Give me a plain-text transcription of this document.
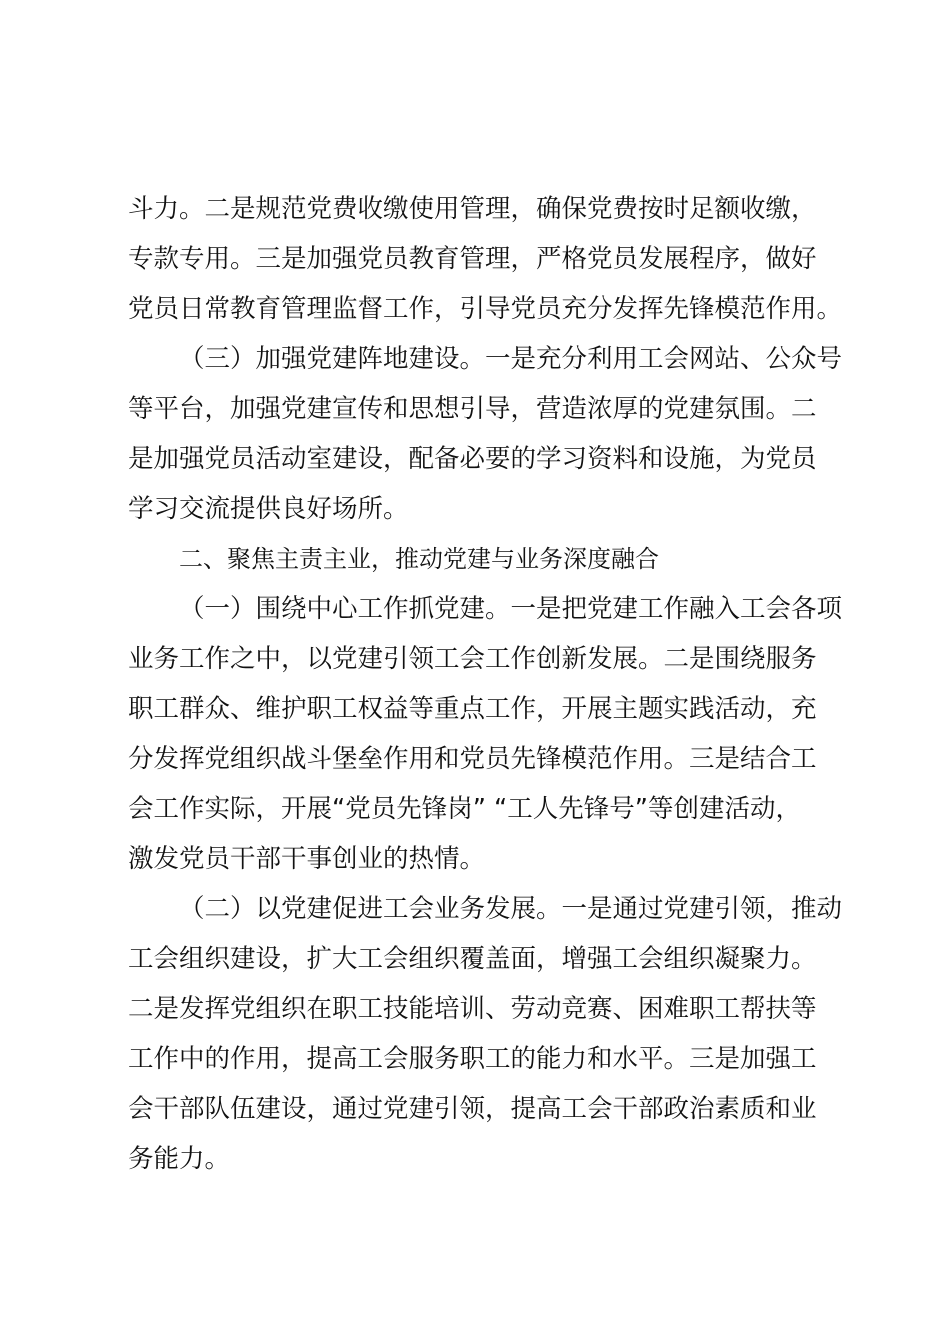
斗力。二是规范党费收缴使用管理，确保党费按时足额收缴，
专款专用。三是加强党员教育管理，严格党员发展程序，做好
党员日常教育管理监督工作，引导党员充分发挥先锋模范作用。
（三）加强党建阵地建设。一是充分利用工会网站、公众号
等平台，加强党建宣传和思想引导，营造浓厚的党建氛围。二
是加强党员活动室建设，配备必要的学习资料和设施，为党员
学习交流提供良好场所。
二、聚焦主责主业，推动党建与业务深度融合
（一）围绕中心工作抓党建。一是把党建工作融入工会各项
业务工作之中，以党建引领工会工作创新发展。二是围绕服务
职工群众、维护职工权益等重点工作，开展主题实践活动，充
分发挥党组织战斗堡垒作用和党员先锋模范作用。三是结合工
会工作实际，开展“党员先锋岗” “工人先锋号”等创建活动，
激发党员干部干事创业的热情。
（二）以党建促进工会业务发展。一是通过党建引领，推动
工会组织建设，扩大工会组织覆盖面，增强工会组织凝聚力。
二是发挥党组织在职工技能培训、劳动竞赛、困难职工帮扶等
工作中的作用，提高工会服务职工的能力和水平。三是加强工
会干部队伍建设，通过党建引领，提高工会干部政治素质和业
务能力。
